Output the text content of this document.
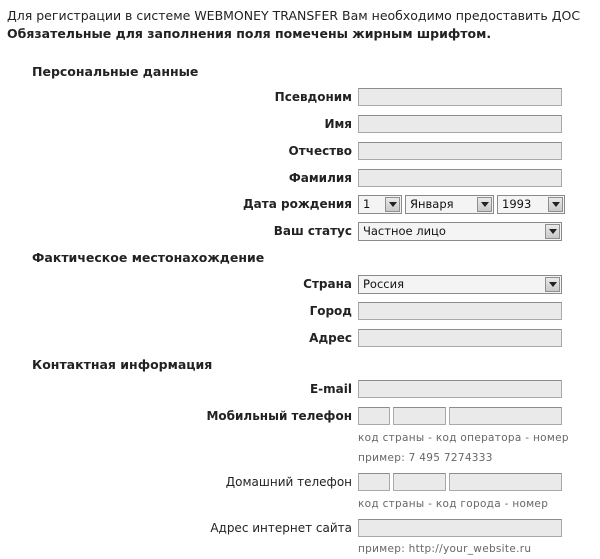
Для регистрации в системе WEBMONEY TRANSFER Вам необходимо предоставить ДОС
Обязательные для заполнения поля помечены жирным шрифтом.
Персональные данные
Псевдоним
Имя
Отчество
Фамилия
Дата рождения 1	Января	1993
Ваш статус Частное лицо
Фактическое местонахождение
Страна Россия
Город
Адрес
Контактная информация
E-mail
Мобильный телефон
код страны - код оператора - номер
пример: 7 495 7274333
Домашний телефон
код страны - код города - номер
Адрес интернет сайта
пример: http://your_website.ru
